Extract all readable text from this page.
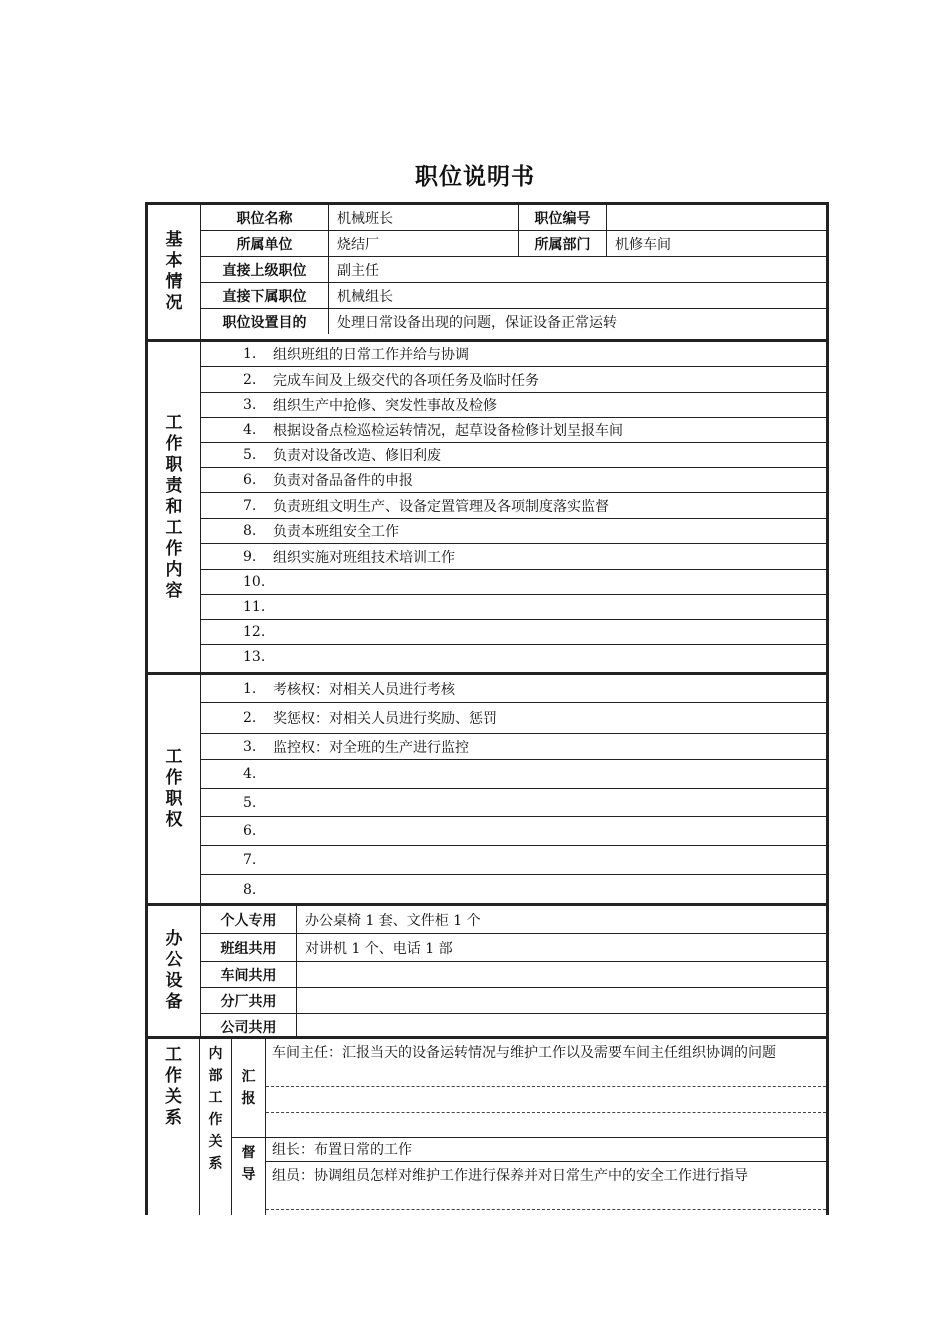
职位说明书
基本情况
职位名称	机械班长	职位编号
所属单位	烧结厂	所属部门	机修车间
直接上级职位	副主任
直接下属职位	机械组长
职位设置目的	处理日常设备出现的问题，保证设备正常运转
工作职责和工作内容
1.	组织班组的日常工作并给与协调
2.	完成车间及上级交代的各项任务及临时任务
3.	组织生产中抢修、突发性事故及检修
4.	根据设备点检巡检运转情况，起草设备检修计划呈报车间
5.	负责对设备改造、修旧利废
6.	负责对备品备件的申报
7.	负责班组文明生产、设备定置管理及各项制度落实监督
8.	负责本班组安全工作
9.	组织实施对班组技术培训工作
10.
11.
12.
13.
工作职权
1.	考核权：对相关人员进行考核
2.	奖惩权：对相关人员进行奖励、惩罚
3.	监控权：对全班的生产进行监控
4.
5.
6.
7.
8.
办公设备
个人专用	办公桌椅 1 套、文件柜 1 个
班组共用	对讲机 1 个、电话 1 部
车间共用
分厂共用
公司共用
工作关系
内部工作关系
汇报
车间主任：汇报当天的设备运转情况与维护工作以及需要车间主任组织协调的问题
督导
组长：布置日常的工作
组员：协调组员怎样对维护工作进行保养并对日常生产中的安全工作进行指导
